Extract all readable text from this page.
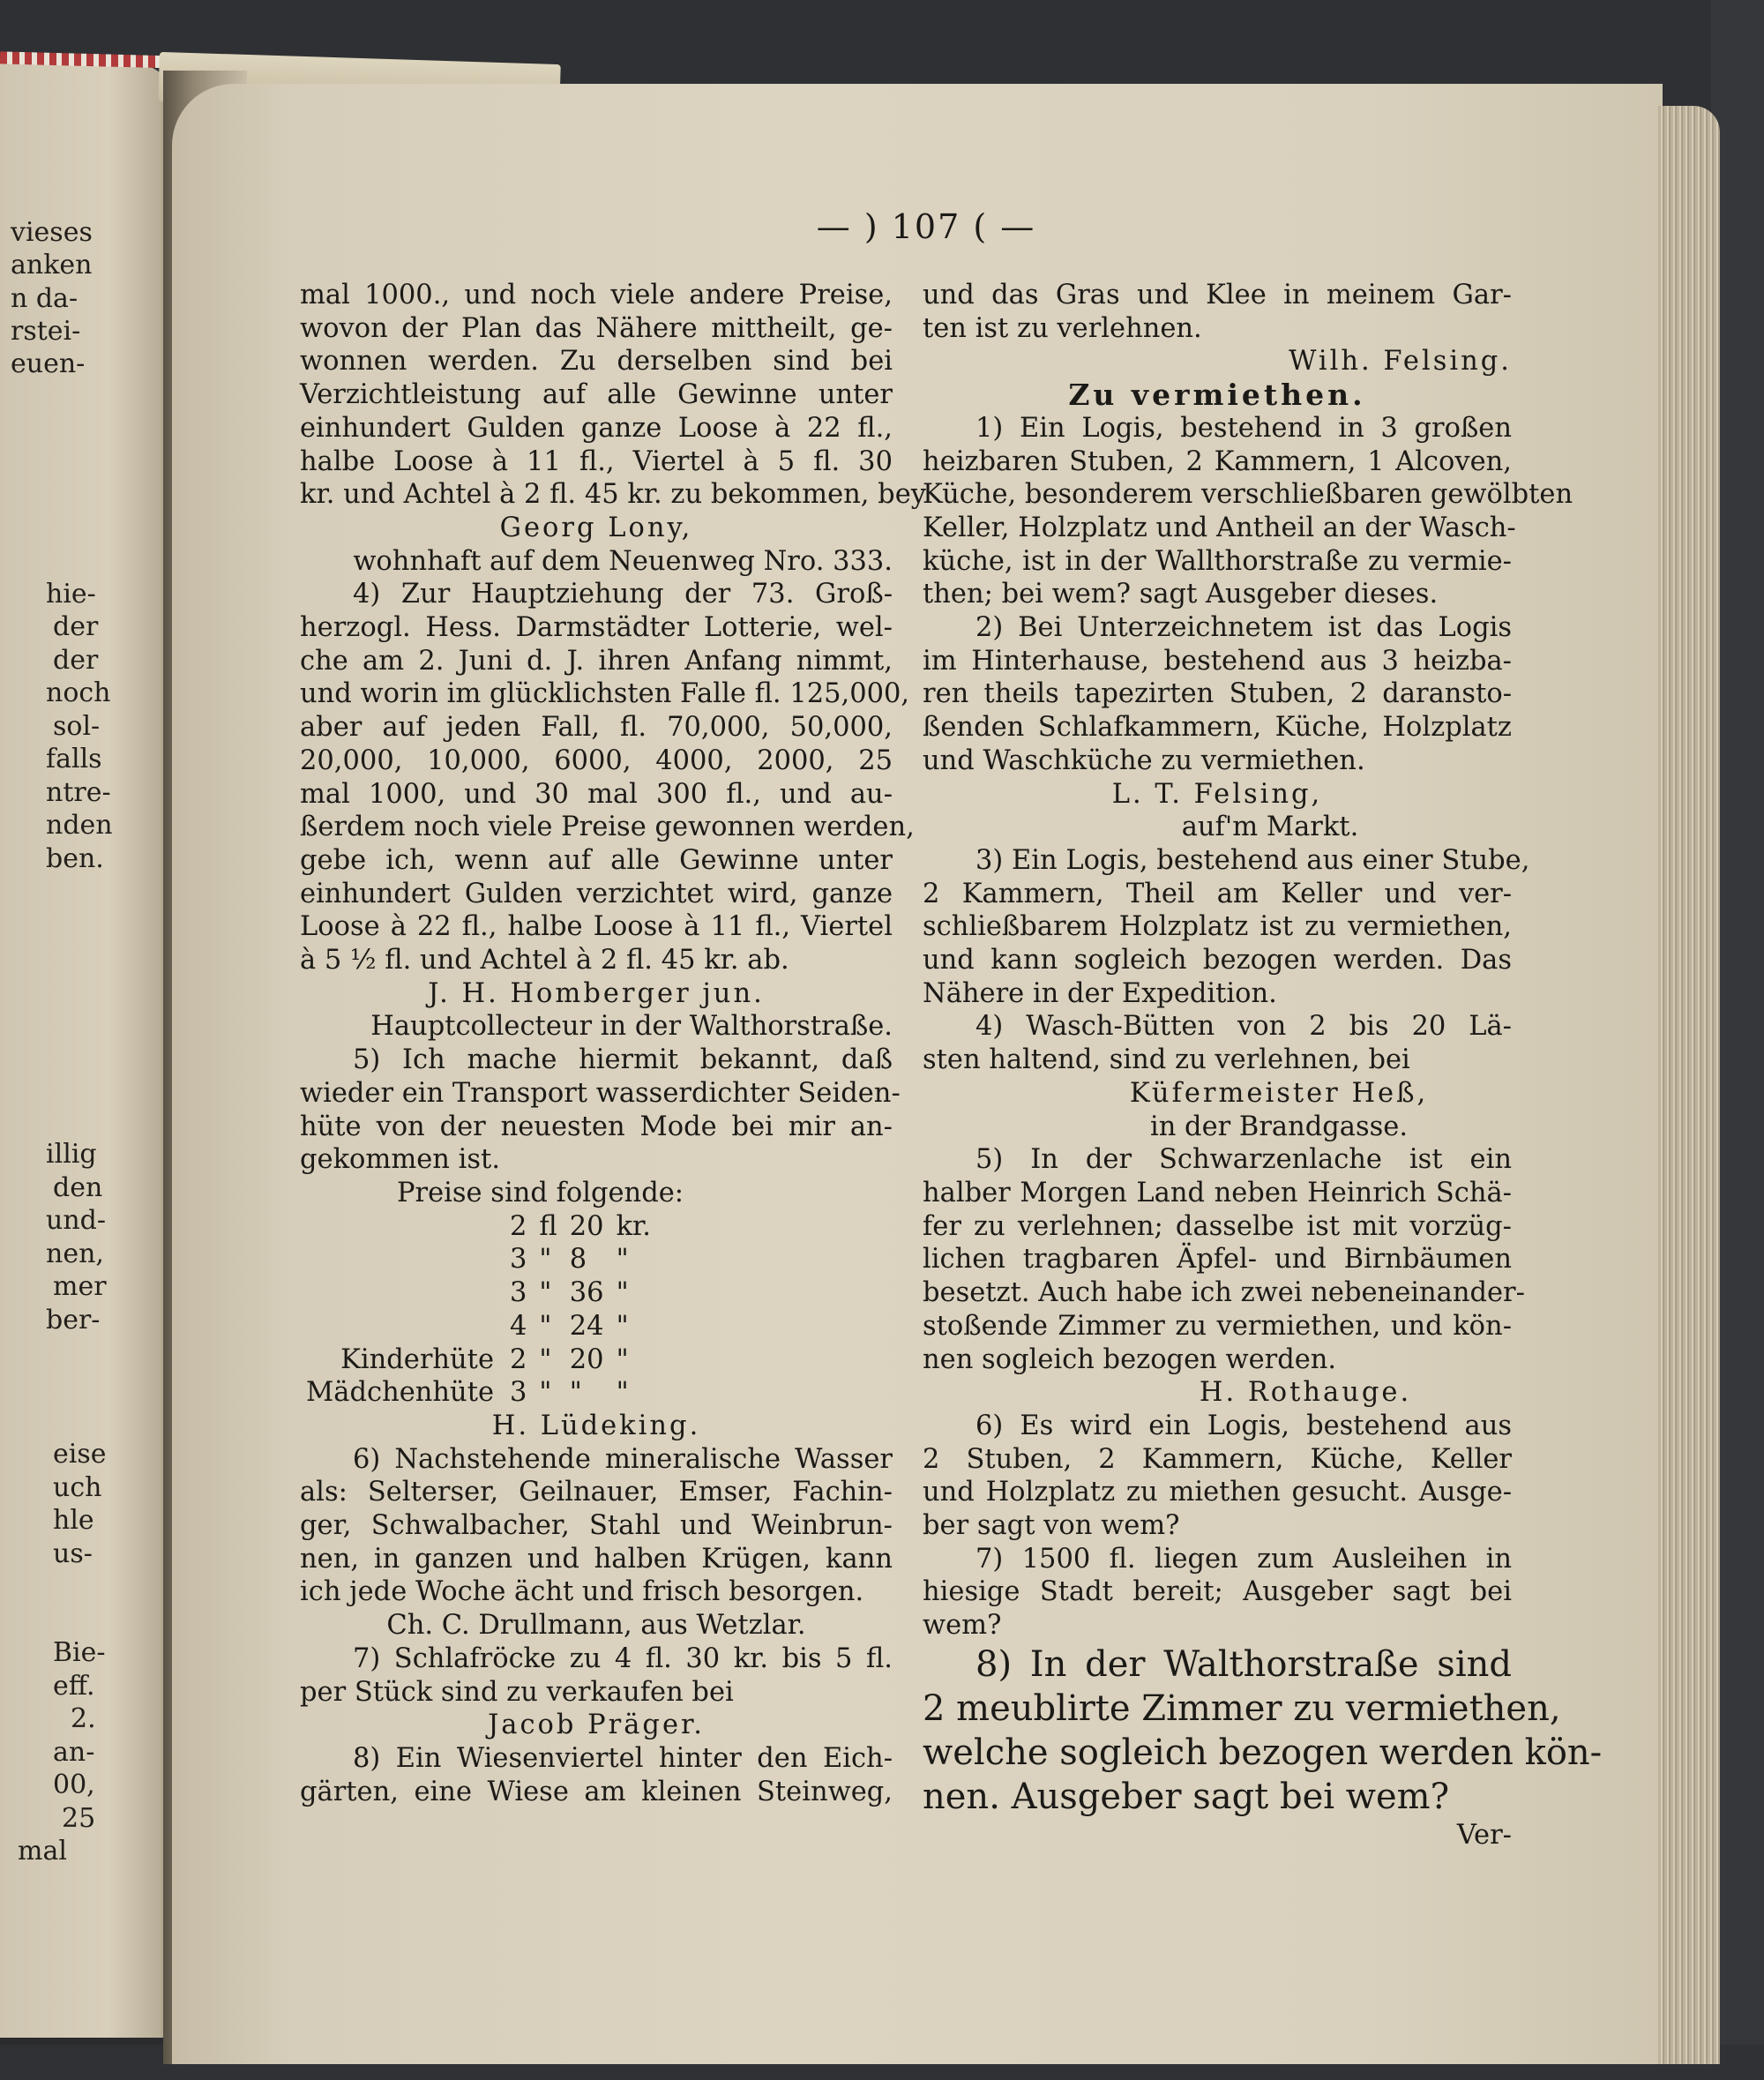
vieses
anken
n da-
rstei-
euen-
hie-
der
der
noch
sol-
falls
ntre-
nden
ben.
illig
den
und-
nen,
mer
ber-
eise
uch
hle
us-
Bie-
eff.
2.
an-
00,
25
mal
— ) 107 ( —

mal 1000., und noch viele andere Preise,

wovon der Plan das Nähere mittheilt, ge-

wonnen werden. Zu derselben sind bei

Verzichtleistung auf alle Gewinne unter

einhundert Gulden ganze Loose à 22 fl.,

halbe Loose à 11 fl., Viertel à 5 fl. 30

kr. und Achtel à 2 fl. 45 kr. zu bekommen, bey

Georg Lony,

wohnhaft auf dem Neuenweg Nro. 333.

4) Zur Hauptziehung der 73. Groß-

herzogl. Hess. Darmstädter Lotterie, wel-

che am 2. Juni d. J. ihren Anfang nimmt,

und worin im glücklichsten Falle fl. 125,000,

aber auf jeden Fall, fl. 70,000, 50,000,

20,000, 10,000, 6000, 4000, 2000, 25

mal 1000, und 30 mal 300 fl., und au-

ßerdem noch viele Preise gewonnen werden,

gebe ich, wenn auf alle Gewinne unter

einhundert Gulden verzichtet wird, ganze

Loose à 22 fl., halbe Loose à 11 fl., Viertel

à 5 ½ fl. und Achtel à 2 fl. 45 kr. ab.

J. H. Homberger jun.

Hauptcollecteur in der Walthorstraße.

5) Ich mache hiermit bekannt, daß

wieder ein Transport wasserdichter Seiden-

hüte von der neuesten Mode bei mir an-

gekommen ist.

Preise sind folgende:

	2	fl	20	kr.
	3	"	8	"
	3	"	36	"
	4	"	24	"
Kinderhüte	2	"	20	"
Mädchenhüte	3	"	"	"

H. Lüdeking.

6) Nachstehende mineralische Wasser

als: Selterser, Geilnauer, Emser, Fachin-

ger, Schwalbacher, Stahl und Weinbrun-

nen, in ganzen und halben Krügen, kann

ich jede Woche ächt und frisch besorgen.

Ch. C. Drullmann, aus Wetzlar.

7) Schlafröcke zu 4 fl. 30 kr. bis 5 fl.

per Stück sind zu verkaufen bei

Jacob Präger.

8) Ein Wiesenviertel hinter den Eich-

gärten, eine Wiese am kleinen Steinweg,

und das Gras und Klee in meinem Gar-

ten ist zu verlehnen.

Wilh. Felsing.

Zu vermiethen.

1) Ein Logis, bestehend in 3 großen

heizbaren Stuben, 2 Kammern, 1 Alcoven,

Küche, besonderem verschließbaren gewölbten

Keller, Holzplatz und Antheil an der Wasch-

küche, ist in der Wallthorstraße zu vermie-

then; bei wem? sagt Ausgeber dieses.

2) Bei Unterzeichnetem ist das Logis

im Hinterhause, bestehend aus 3 heizba-

ren theils tapezirten Stuben, 2 daransto-

ßenden Schlafkammern, Küche, Holzplatz

und Waschküche zu vermiethen.

L. T. Felsing,

auf'm Markt.

3) Ein Logis, bestehend aus einer Stube,

2 Kammern, Theil am Keller und ver-

schließbarem Holzplatz ist zu vermiethen,

und kann sogleich bezogen werden. Das

Nähere in der Expedition.

4) Wasch-Bütten von 2 bis 20 Lä-

sten haltend, sind zu verlehnen, bei

Küfermeister Heß,

in der Brandgasse.

5) In der Schwarzenlache ist ein

halber Morgen Land neben Heinrich Schä-

fer zu verlehnen; dasselbe ist mit vorzüg-

lichen tragbaren Äpfel- und Birnbäumen

besetzt. Auch habe ich zwei nebeneinander-

stoßende Zimmer zu vermiethen, und kön-

nen sogleich bezogen werden.

H. Rothauge.

6) Es wird ein Logis, bestehend aus

2 Stuben, 2 Kammern, Küche, Keller

und Holzplatz zu miethen gesucht. Ausge-

ber sagt von wem?

7) 1500 fl. liegen zum Ausleihen in

hiesige Stadt bereit; Ausgeber sagt bei

wem?

8) In der Walthorstraße sind

2 meublirte Zimmer zu vermiethen,

welche sogleich bezogen werden kön-

nen. Ausgeber sagt bei wem?

Ver-
